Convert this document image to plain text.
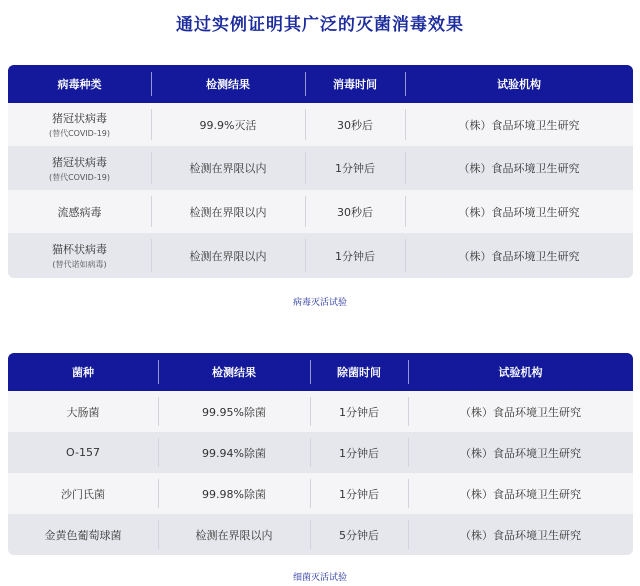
通过实例证明其广泛的灭菌消毒效果
病毒种类	检测结果	消毒时间	试验机构
猪冠状病毒
(替代COVID-19)	99.9%灭活	30秒后	（株）食品环境卫生研究
猪冠状病毒
(替代COVID-19)	检测在界限以内	1分钟后	（株）食品环境卫生研究
流感病毒	检测在界限以内	30秒后	（株）食品环境卫生研究
猫杯状病毒
(替代诺如病毒)	检测在界限以内	1分钟后	（株）食品环境卫生研究
病毒灭活试验
菌种	检测结果	除菌时间	试验机构
大肠菌	99.95%除菌	1分钟后	（株）食品环境卫生研究
O-157	99.94%除菌	1分钟后	（株）食品环境卫生研究
沙门氏菌	99.98%除菌	1分钟后	（株）食品环境卫生研究
金黄色葡萄球菌	检测在界限以内	5分钟后	（株）食品环境卫生研究
细菌灭活试验
